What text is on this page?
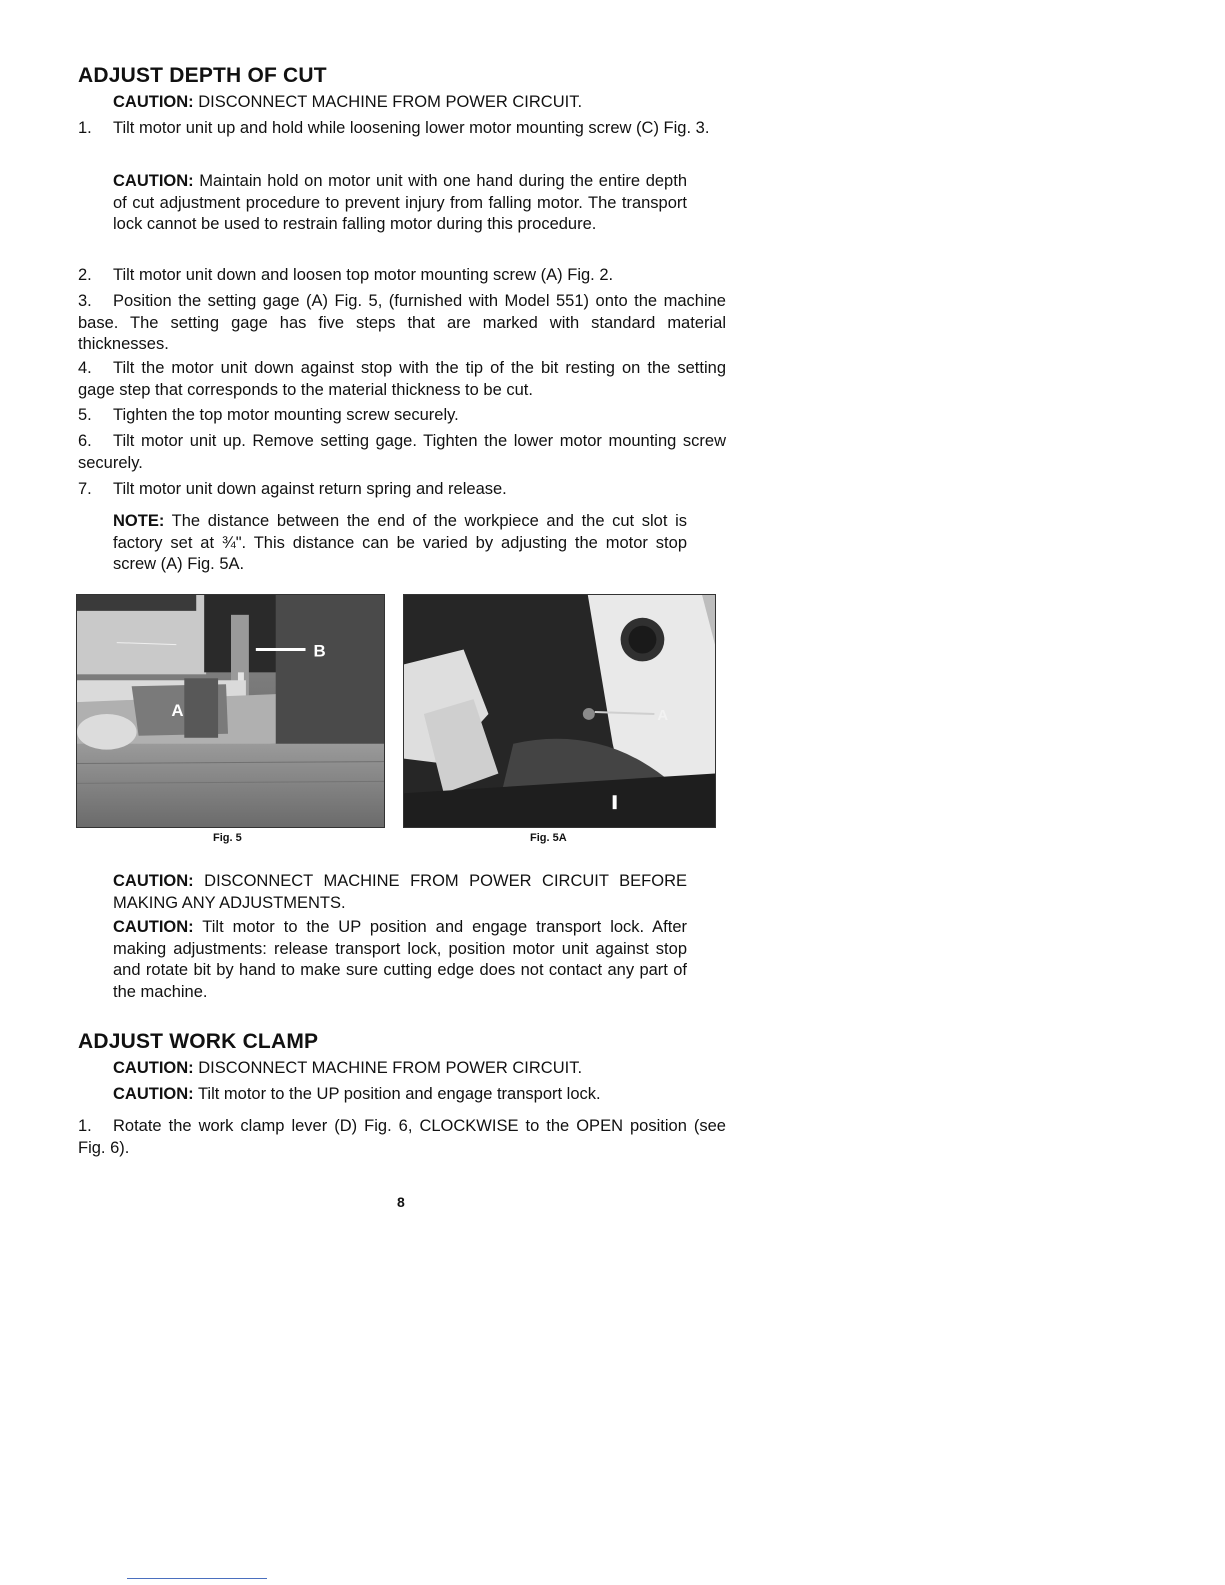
ADJUST DEPTH OF CUT

CAUTION: DISCONNECT MACHINE FROM POWER CIRCUIT.

1. Tilt motor unit up and hold while loosening lower motor mounting screw (C) Fig. 3.

CAUTION: Maintain hold on motor unit with one hand during the entire depth of cut adjustment procedure to prevent injury from falling motor. The transport lock cannot be used to restrain falling motor during this procedure.

2. Tilt motor unit down and loosen top motor mounting screw (A) Fig. 2.

3. Position the setting gage (A) Fig. 5, (furnished with Model 551) onto the machine base. The setting gage has five steps that are marked with standard material thicknesses.

4. Tilt the motor unit down against stop with the tip of the bit resting on the setting gage step that corresponds to the material thickness to be cut.

5. Tighten the top motor mounting screw securely.

6. Tilt motor unit up. Remove setting gage. Tighten the lower motor mounting screw securely.

7. Tilt motor unit down against return spring and release.

NOTE: The distance between the end of the workpiece and the cut slot is factory set at ¾". This distance can be varied by adjusting the motor stop screw (A) Fig. 5A.

B
A
Fig. 5
A
Fig. 5A

CAUTION: DISCONNECT MACHINE FROM POWER CIRCUIT BEFORE MAKING ANY ADJUSTMENTS.

CAUTION: Tilt motor to the UP position and engage transport lock. After making adjustments: release transport lock, position motor unit against stop and rotate bit by hand to make sure cutting edge does not contact any part of the machine.

ADJUST WORK CLAMP

CAUTION: DISCONNECT MACHINE FROM POWER CIRCUIT.

CAUTION: Tilt motor to the UP position and engage transport lock.

1. Rotate the work clamp lever (D) Fig. 6, CLOCKWISE to the OPEN position (see Fig. 6).

8
